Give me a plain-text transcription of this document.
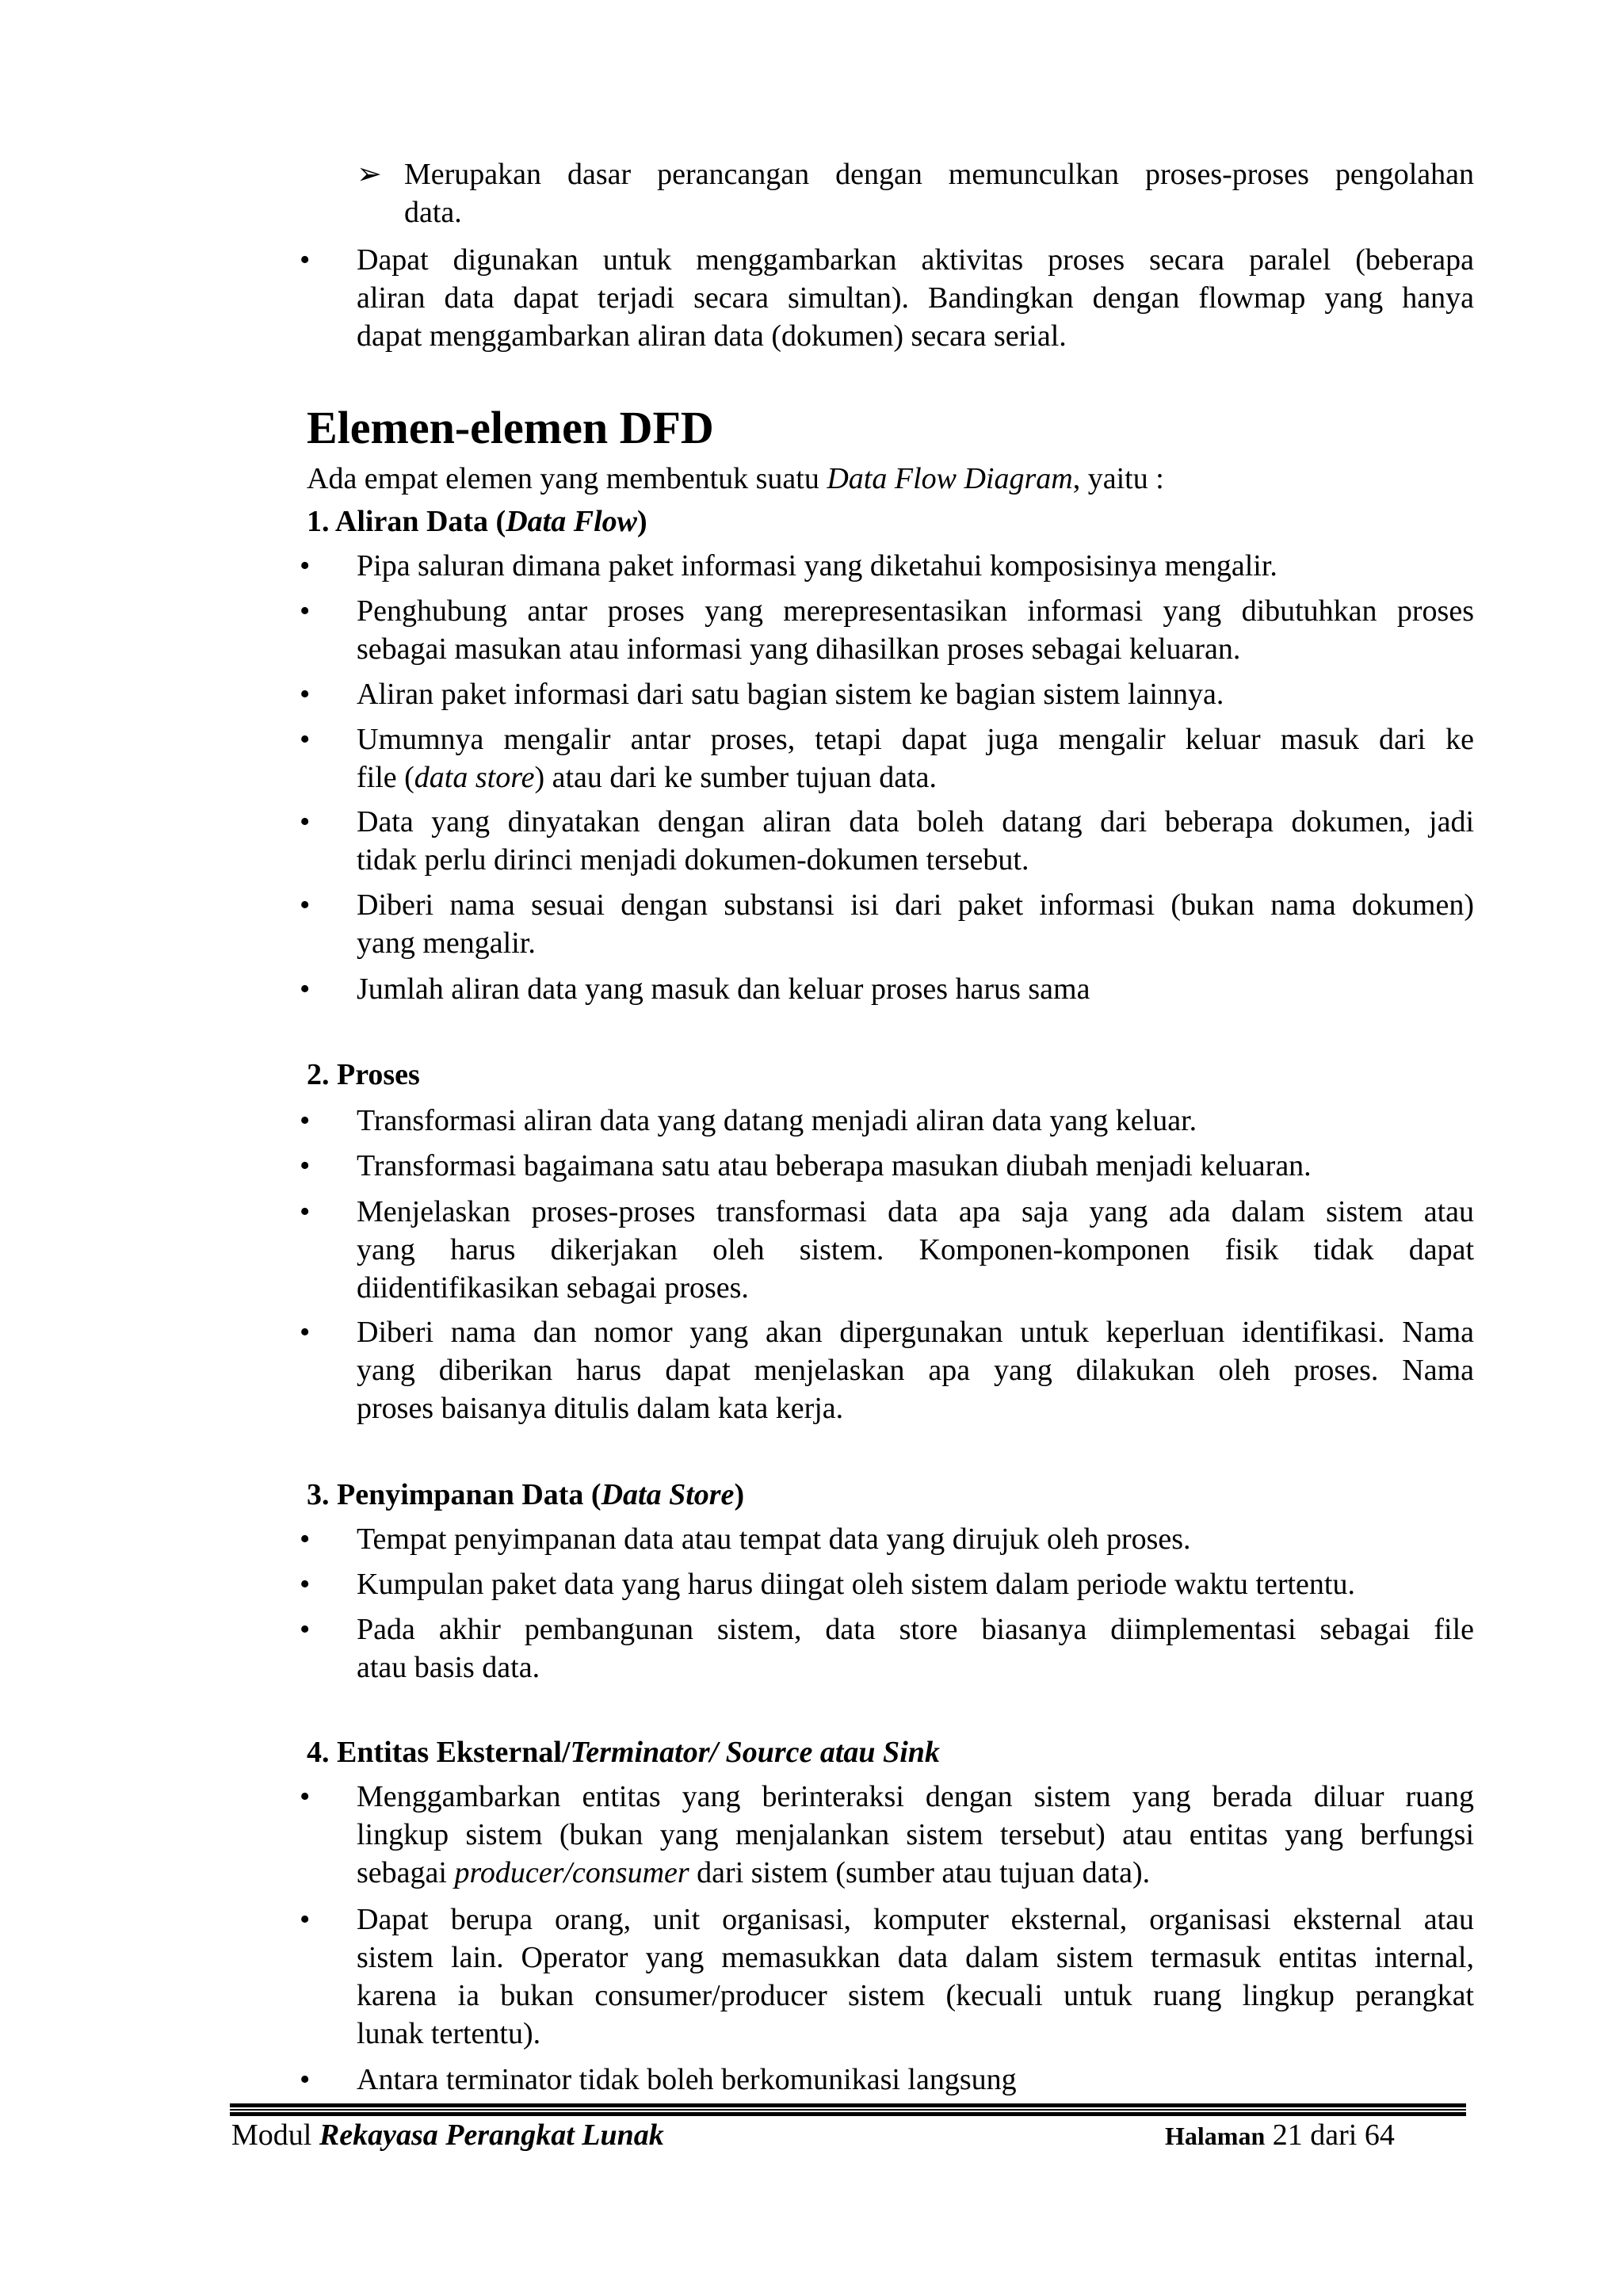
➢ Merupakan dasar perancangan dengan memunculkan proses-proses pengolahan
data.
• Dapat digunakan untuk menggambarkan aktivitas proses secara paralel (beberapa
aliran data dapat terjadi secara simultan). Bandingkan dengan flowmap yang hanya
dapat menggambarkan aliran data (dokumen) secara serial.
Elemen-elemen DFD
Ada empat elemen yang membentuk suatu Data Flow Diagram, yaitu :
1. Aliran Data (Data Flow)
• Pipa saluran dimana paket informasi yang diketahui komposisinya mengalir.
• Penghubung antar proses yang merepresentasikan informasi yang dibutuhkan proses
sebagai masukan atau informasi yang dihasilkan proses sebagai keluaran.
• Aliran paket informasi dari satu bagian sistem ke bagian sistem lainnya.
• Umumnya mengalir antar proses, tetapi dapat juga mengalir keluar masuk dari ke
file (data store) atau dari ke sumber tujuan data.
• Data yang dinyatakan dengan aliran data boleh datang dari beberapa dokumen, jadi
tidak perlu dirinci menjadi dokumen-dokumen tersebut.
• Diberi nama sesuai dengan substansi isi dari paket informasi (bukan nama dokumen)
yang mengalir.
• Jumlah aliran data yang masuk dan keluar proses harus sama
2. Proses
• Transformasi aliran data yang datang menjadi aliran data yang keluar.
• Transformasi bagaimana satu atau beberapa masukan diubah menjadi keluaran.
• Menjelaskan proses-proses transformasi data apa saja yang ada dalam sistem atau
yang harus dikerjakan oleh sistem. Komponen-komponen fisik tidak dapat
diidentifikasikan sebagai proses.
• Diberi nama dan nomor yang akan dipergunakan untuk keperluan identifikasi. Nama
yang diberikan harus dapat menjelaskan apa yang dilakukan oleh proses. Nama
proses baisanya ditulis dalam kata kerja.
3. Penyimpanan Data (Data Store)
• Tempat penyimpanan data atau tempat data yang dirujuk oleh proses.
• Kumpulan paket data yang harus diingat oleh sistem dalam periode waktu tertentu.
• Pada akhir pembangunan sistem, data store biasanya diimplementasi sebagai file
atau basis data.
4. Entitas Eksternal/Terminator/ Source atau Sink
• Menggambarkan entitas yang berinteraksi dengan sistem yang berada diluar ruang
lingkup sistem (bukan yang menjalankan sistem tersebut) atau entitas yang berfungsi
sebagai producer/consumer dari sistem (sumber atau tujuan data).
• Dapat berupa orang, unit organisasi, komputer eksternal, organisasi eksternal atau
sistem lain. Operator yang memasukkan data dalam sistem termasuk entitas internal,
karena ia bukan consumer/producer sistem (kecuali untuk ruang lingkup perangkat
lunak tertentu).
• Antara terminator tidak boleh berkomunikasi langsung
Modul Rekayasa Perangkat Lunak	Halaman 21 dari 64
